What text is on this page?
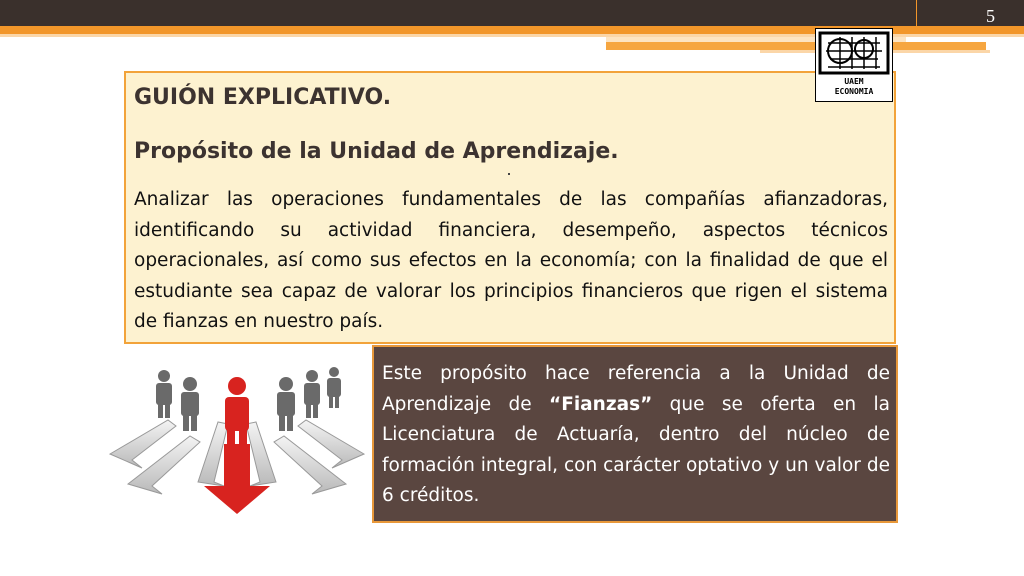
5
GUIÓN EXPLICATIVO.
Propósito de la Unidad de Aprendizaje.

Analizar las operaciones fundamentales de las compañías afianzadoras, identificando su actividad financiera, desempeño, aspectos técnicos operacionales, así como sus efectos en la economía; con la finalidad de que el estudiante sea capaz de valorar los principios financieros que rigen el sistema de fianzas en nuestro país.

UAEM
ECONOMIA

Este propósito hace referencia a la Unidad de Aprendizaje de “Fianzas” que se oferta en la Licenciatura de Actuaría, dentro del núcleo de formación integral, con carácter optativo y un valor de 6 créditos.
